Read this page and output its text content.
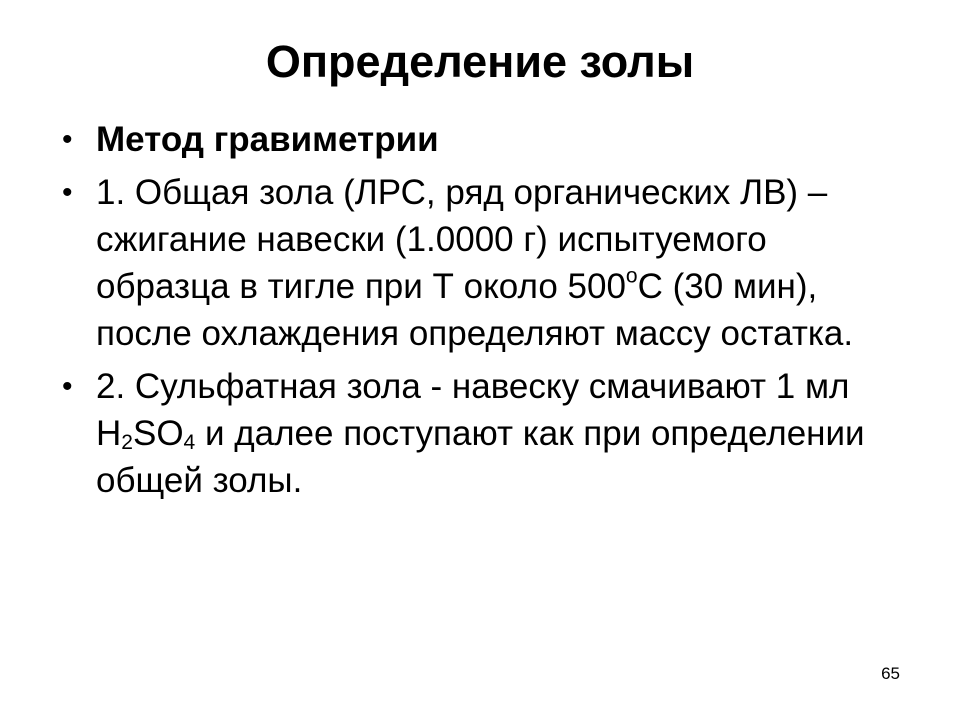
Определение золы
• Метод гравиметрии
• 1. Общая зола (ЛРС, ряд органических ЛВ) – сжигание навески (1.0000 г) испытуемого образца в тигле при Т около $500^оС$ (30 мин), после охлаждения определяют массу остатка.
• 2. Сульфатная зола - навеску смачивают 1 мл $H_2SO_4$ и далее поступают как при определении общей золы.
65
